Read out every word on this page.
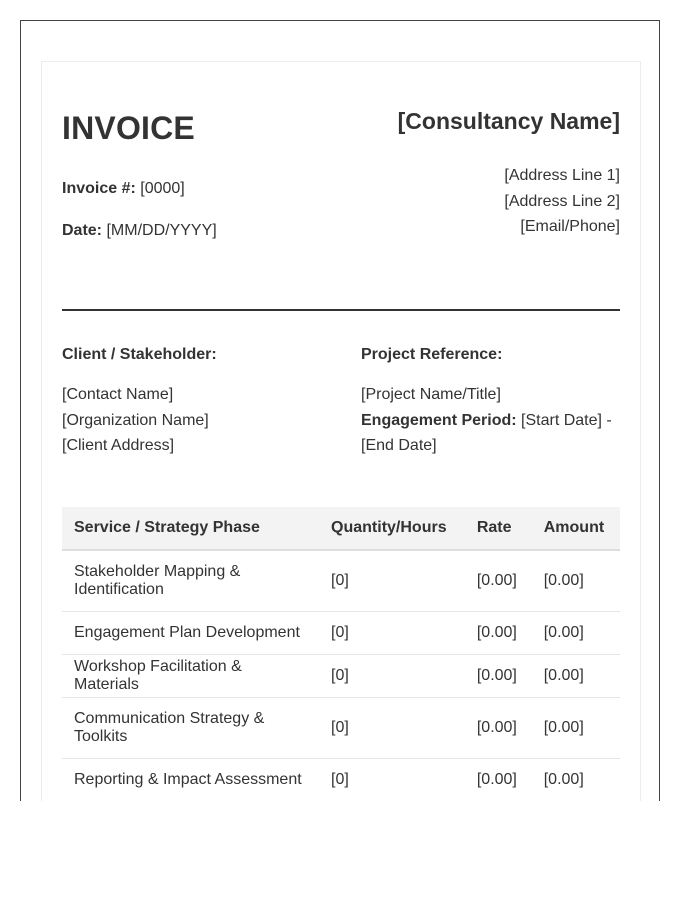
INVOICE	[Consultancy Name]
Invoice #: [0000]
Date: [MM/DD/YYYY]
[Address Line 1]
[Address Line 2]
[Email/Phone]
Client / Stakeholder:
[Contact Name]
[Organization Name]
[Client Address]
Project Reference:
[Project Name/Title]
Engagement Period: [Start Date] -
[End Date]
Service / Strategy Phase	Quantity/Hours	Rate	Amount

Stakeholder Mapping &
Identification	[0]	[0.00]	[0.00]

Engagement Plan Development	[0]	[0.00]	[0.00]

Workshop Facilitation & Materials	[0]	[0.00]	[0.00]

Communication Strategy &
Toolkits	[0]	[0.00]	[0.00]

Reporting & Impact Assessment	[0]	[0.00]	[0.00]
